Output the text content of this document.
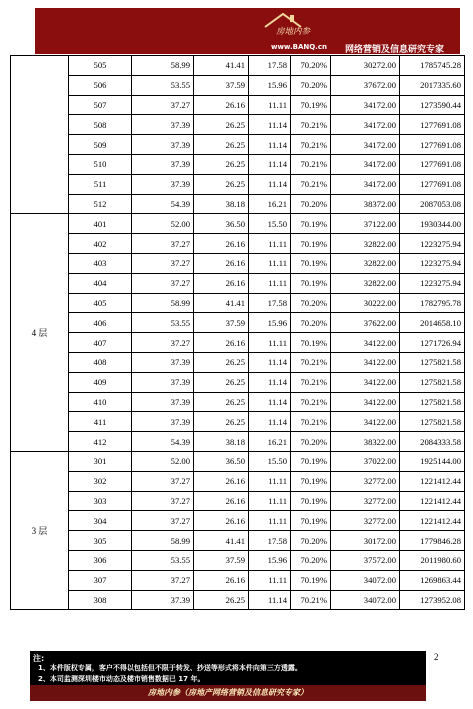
房地内参
www.BANQ.cn 网络营销及信息研究专家
	505	58.99	41.41	17.58	70.20%	30272.00	1785745.28
	506	53.55	37.59	15.96	70.20%	37672.00	2017335.60
	507	37.27	26.16	11.11	70.19%	34172.00	1273590.44
	508	37.39	26.25	11.14	70.21%	34172.00	1277691.08
	509	37.39	26.25	11.14	70.21%	34172.00	1277691.08
	510	37.39	26.25	11.14	70.21%	34172.00	1277691.08
	511	37.39	26.25	11.14	70.21%	34172.00	1277691.08
	512	54.39	38.18	16.21	70.20%	38372.00	2087053.08
4 层	401	52.00	36.50	15.50	70.19%	37122.00	1930344.00
	402	37.27	26.16	11.11	70.19%	32822.00	1223275.94
	403	37.27	26.16	11.11	70.19%	32822.00	1223275.94
	404	37.27	26.16	11.11	70.19%	32822.00	1223275.94
	405	58.99	41.41	17.58	70.20%	30222.00	1782795.78
	406	53.55	37.59	15.96	70.20%	37622.00	2014658.10
	407	37.27	26.16	11.11	70.19%	34122.00	1271726.94
	408	37.39	26.25	11.14	70.21%	34122.00	1275821.58
	409	37.39	26.25	11.14	70.21%	34122.00	1275821.58
	410	37.39	26.25	11.14	70.21%	34122.00	1275821.58
	411	37.39	26.25	11.14	70.21%	34122.00	1275821.58
	412	54.39	38.18	16.21	70.20%	38322.00	2084333.58
3 层	301	52.00	36.50	15.50	70.19%	37022.00	1925144.00
	302	37.27	26.16	11.11	70.19%	32772.00	1221412.44
	303	37.27	26.16	11.11	70.19%	32772.00	1221412.44
	304	37.27	26.16	11.11	70.19%	32772.00	1221412.44
	305	58.99	41.41	17.58	70.20%	30172.00	1779846.28
	306	53.55	37.59	15.96	70.20%	37572.00	2011980.60
	307	37.27	26.16	11.11	70.19%	34072.00	1269863.44
	308	37.39	26.25	11.14	70.21%	34072.00	1273952.08
注:
1、本件版权专属，客户不得以包括但不限于转发、抄送等形式将本件向第三方透露。
2、本司监测深圳楼市动态及楼市销售数据已 17 年。
2
房地内参（房地产网络营销及信息研究专家）
